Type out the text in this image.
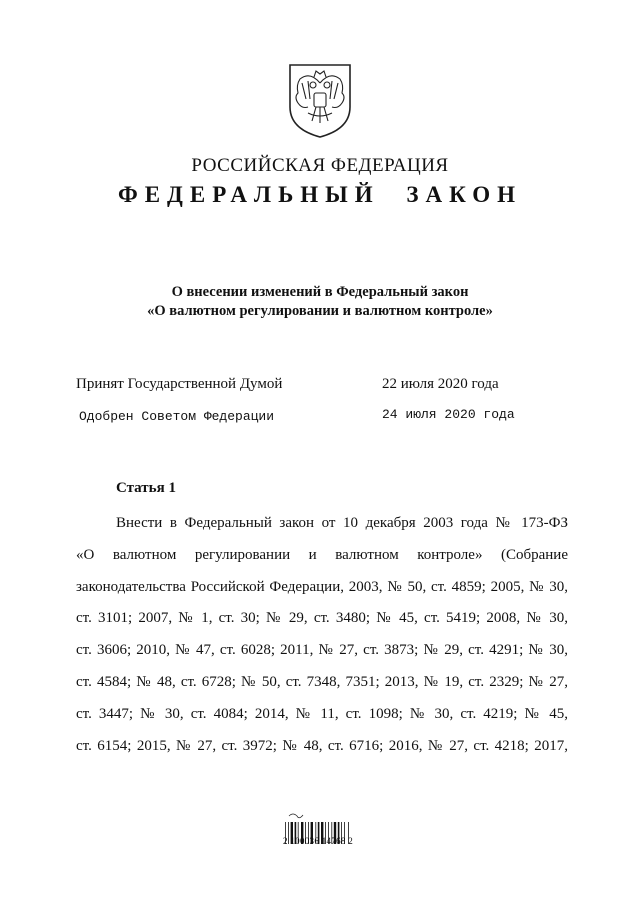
РОССИЙСКАЯ ФЕДЕРАЦИЯ
ФЕДЕРАЛЬНЫЙ ЗАКОН
О внесении изменений в Федеральный закон
«О валютном регулировании и валютном контроле»
Принят Государственной Думой	22 июля 2020 года
Одобрен Советом Федерации	24 июля 2020 года
Статья 1
Внести в Федеральный закон от 10 декабря 2003 года № 173-ФЗ
«О валютном регулировании и валютном контроле» (Собрание
законодательства Российской Федерации, 2003, № 50, ст. 4859; 2005, № 30,
ст. 3101; 2007, № 1, ст. 30; № 29, ст. 3480; № 45, ст. 5419; 2008, № 30,
ст. 3606; 2010, № 47, ст. 6028; 2011, № 27, ст. 3873; № 29, ст. 4291; № 30,
ст. 4584; № 48, ст. 6728; № 50, ст. 7348, 7351; 2013, № 19, ст. 2329; № 27,
ст. 3447; № 30, ст. 4084; 2014, № 11, ст. 1098; № 30, ст. 4219; № 45,
ст. 6154; 2015, № 27, ст. 3972; № 48, ст. 6716; 2016, № 27, ст. 4218; 2017,
2 100036 14768 2
